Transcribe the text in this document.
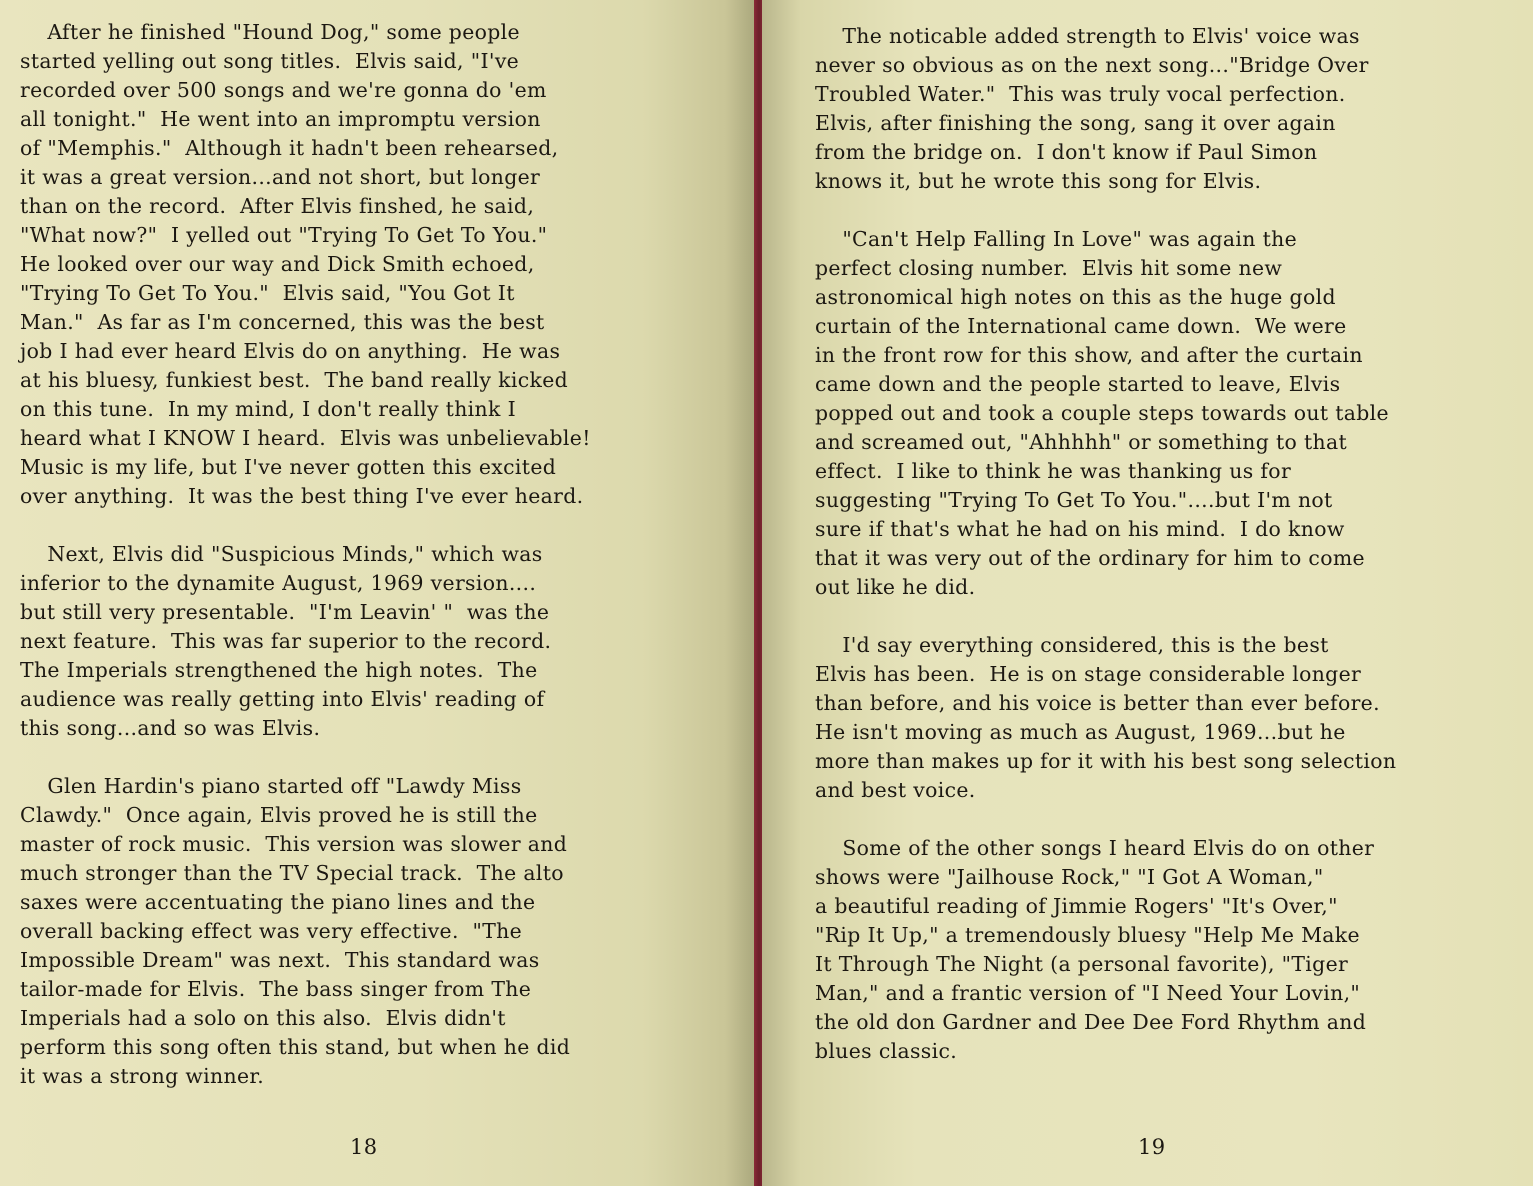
After he finished "Hound Dog," some people
started yelling out song titles.  Elvis said, "I've
recorded over 500 songs and we're gonna do 'em
all tonight."  He went into an impromptu version
of "Memphis."  Although it hadn't been rehearsed,
it was a great version...and not short, but longer
than on the record.  After Elvis finshed, he said,
"What now?"  I yelled out "Trying To Get To You."
He looked over our way and Dick Smith echoed,
"Trying To Get To You."  Elvis said, "You Got It
Man."  As far as I'm concerned, this was the best
job I had ever heard Elvis do on anything.  He was
at his bluesy, funkiest best.  The band really kicked
on this tune.  In my mind, I don't really think I
heard what I KNOW I heard.  Elvis was unbelievable!
Music is my life, but I've never gotten this excited
over anything.  It was the best thing I've ever heard.

Next, Elvis did "Suspicious Minds," which was
inferior to the dynamite August, 1969 version....
but still very presentable.  "I'm Leavin' "  was the
next feature.  This was far superior to the record.
The Imperials strengthened the high notes.  The
audience was really getting into Elvis' reading of
this song...and so was Elvis.

Glen Hardin's piano started off "Lawdy Miss
Clawdy."  Once again, Elvis proved he is still the
master of rock music.  This version was slower and
much stronger than the TV Special track.  The alto
saxes were accentuating the piano lines and the
overall backing effect was very effective.  "The
Impossible Dream" was next.  This standard was
tailor-made for Elvis.  The bass singer from The
Imperials had a solo on this also.  Elvis didn't
perform this song often this stand, but when he did
it was a strong winner.

18

The noticable added strength to Elvis' voice was
never so obvious as on the next song..."Bridge Over
Troubled Water."  This was truly vocal perfection.
Elvis, after finishing the song, sang it over again
from the bridge on.  I don't know if Paul Simon
knows it, but he wrote this song for Elvis.

"Can't Help Falling In Love" was again the
perfect closing number.  Elvis hit some new
astronomical high notes on this as the huge gold
curtain of the International came down.  We were
in the front row for this show, and after the curtain
came down and the people started to leave, Elvis
popped out and took a couple steps towards out table
and screamed out, "Ahhhhh" or something to that
effect.  I like to think he was thanking us for
suggesting "Trying To Get To You."....but I'm not
sure if that's what he had on his mind.  I do know
that it was very out of the ordinary for him to come
out like he did.

I'd say everything considered, this is the best
Elvis has been.  He is on stage considerable longer
than before, and his voice is better than ever before.
He isn't moving as much as August, 1969...but he
more than makes up for it with his best song selection
and best voice.

Some of the other songs I heard Elvis do on other
shows were "Jailhouse Rock," "I Got A Woman,"
a beautiful reading of Jimmie Rogers' "It's Over,"
"Rip It Up," a tremendously bluesy "Help Me Make
It Through The Night (a personal favorite), "Tiger
Man," and a frantic version of "I Need Your Lovin,"
the old don Gardner and Dee Dee Ford Rhythm and
blues classic.

19
